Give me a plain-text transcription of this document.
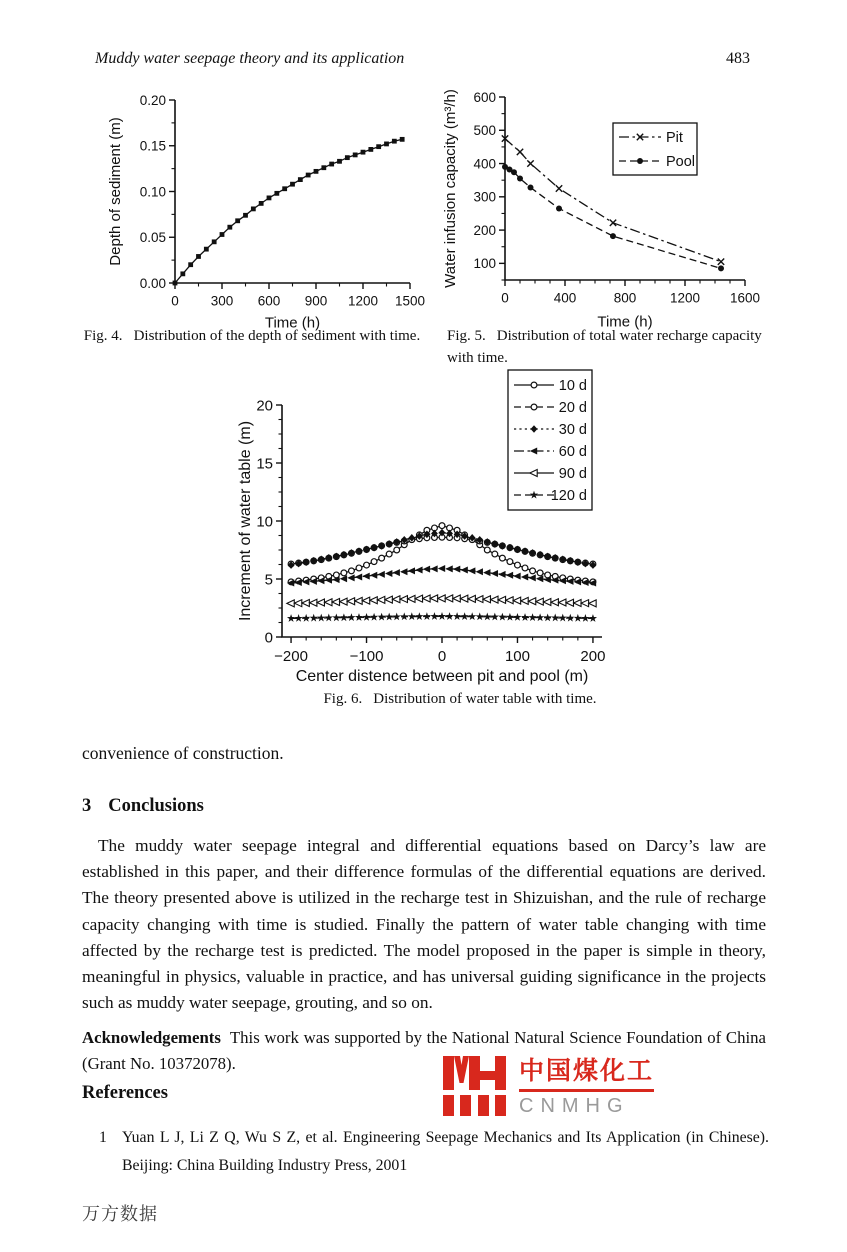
Muddy water seepage theory and its application	483
0 300 600 900 1200 1500
0.00
0.05
0.10
0.15
0.20
Time (h)
Depth of sediment (m)
0	400	800 1200 1600
100
200
300
400
500
600
Time (h)
Water infusion capacity (m³/h)	Pit
Pool
Fig. 4. Distribution of the depth of sediment with time.	Fig. 5. Distribution of total water recharge capacity with time.
−200	−100	0	100	200
0
5
10
15
20
Center distence between pit and pool (m)
Increment of water table (m)
10 d
20 d
30 d
60 d
90 d
120 d
Fig. 6. Distribution of water table with time.
convenience of construction.
3 Conclusions
The muddy water seepage integral and differential equations based on Darcy’s law are established in this paper, and their difference formulas of the differential equations are derived. The theory presented above is utilized in the recharge test in Shizuishan, and the rule of recharge capacity changing with time is studied. Finally the pattern of water table changing with time affected by the recharge test is predicted. The model proposed in the paper is simple in theory, meaningful in physics, valuable in practice, and has universal guiding significance in the projects such as muddy water seepage, grouting, and so on.
Acknowledgements This work was supported by the National Natural Science Foundation of China (Grant No. 10372078).
References
中国煤化工
CNMHG
1 Yuan L J, Li Z Q, Wu S Z, et al. Engineering Seepage Mechanics and Its Application (in Chinese). Beijing: China Building Industry Press, 2001
万方数据
